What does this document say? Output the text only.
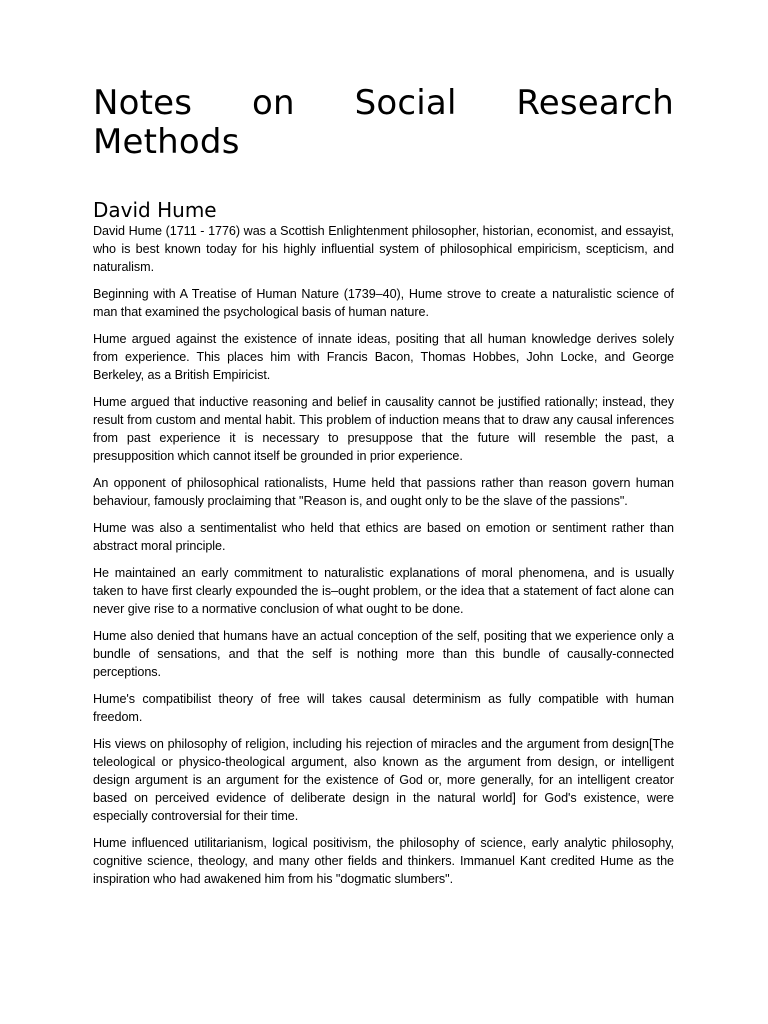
Notes on Social Research Methods
David Hume

David Hume (1711 - 1776) was a Scottish Enlightenment philosopher, historian, economist, and essayist, who is best known today for his highly influential system of philosophical empiricism, scepticism, and naturalism.

Beginning with A Treatise of Human Nature (1739–40), Hume strove to create a naturalistic science of man that examined the psychological basis of human nature.

Hume argued against the existence of innate ideas, positing that all human knowledge derives solely from experience. This places him with Francis Bacon, Thomas Hobbes, John Locke, and George Berkeley, as a British Empiricist.

Hume argued that inductive reasoning and belief in causality cannot be justified rationally; instead, they result from custom and mental habit. This problem of induction means that to draw any causal inferences from past experience it is necessary to presuppose that the future will resemble the past, a presupposition which cannot itself be grounded in prior experience.

An opponent of philosophical rationalists, Hume held that passions rather than reason govern human behaviour, famously proclaiming that "Reason is, and ought only to be the slave of the passions".

Hume was also a sentimentalist who held that ethics are based on emotion or sentiment rather than abstract moral principle.

He maintained an early commitment to naturalistic explanations of moral phenomena, and is usually taken to have first clearly expounded the is–ought problem, or the idea that a statement of fact alone can never give rise to a normative conclusion of what ought to be done.

Hume also denied that humans have an actual conception of the self, positing that we experience only a bundle of sensations, and that the self is nothing more than this bundle of causally-connected perceptions.

Hume's compatibilist theory of free will takes causal determinism as fully compatible with human freedom.

His views on philosophy of religion, including his rejection of miracles and the argument from design[The teleological or physico-theological argument, also known as the argument from design, or intelligent design argument is an argument for the existence of God or, more generally, for an intelligent creator based on perceived evidence of deliberate design in the natural world] for God's existence, were especially controversial for their time.

Hume influenced utilitarianism, logical positivism, the philosophy of science, early analytic philosophy, cognitive science, theology, and many other fields and thinkers. Immanuel Kant credited Hume as the inspiration who had awakened him from his "dogmatic slumbers".
